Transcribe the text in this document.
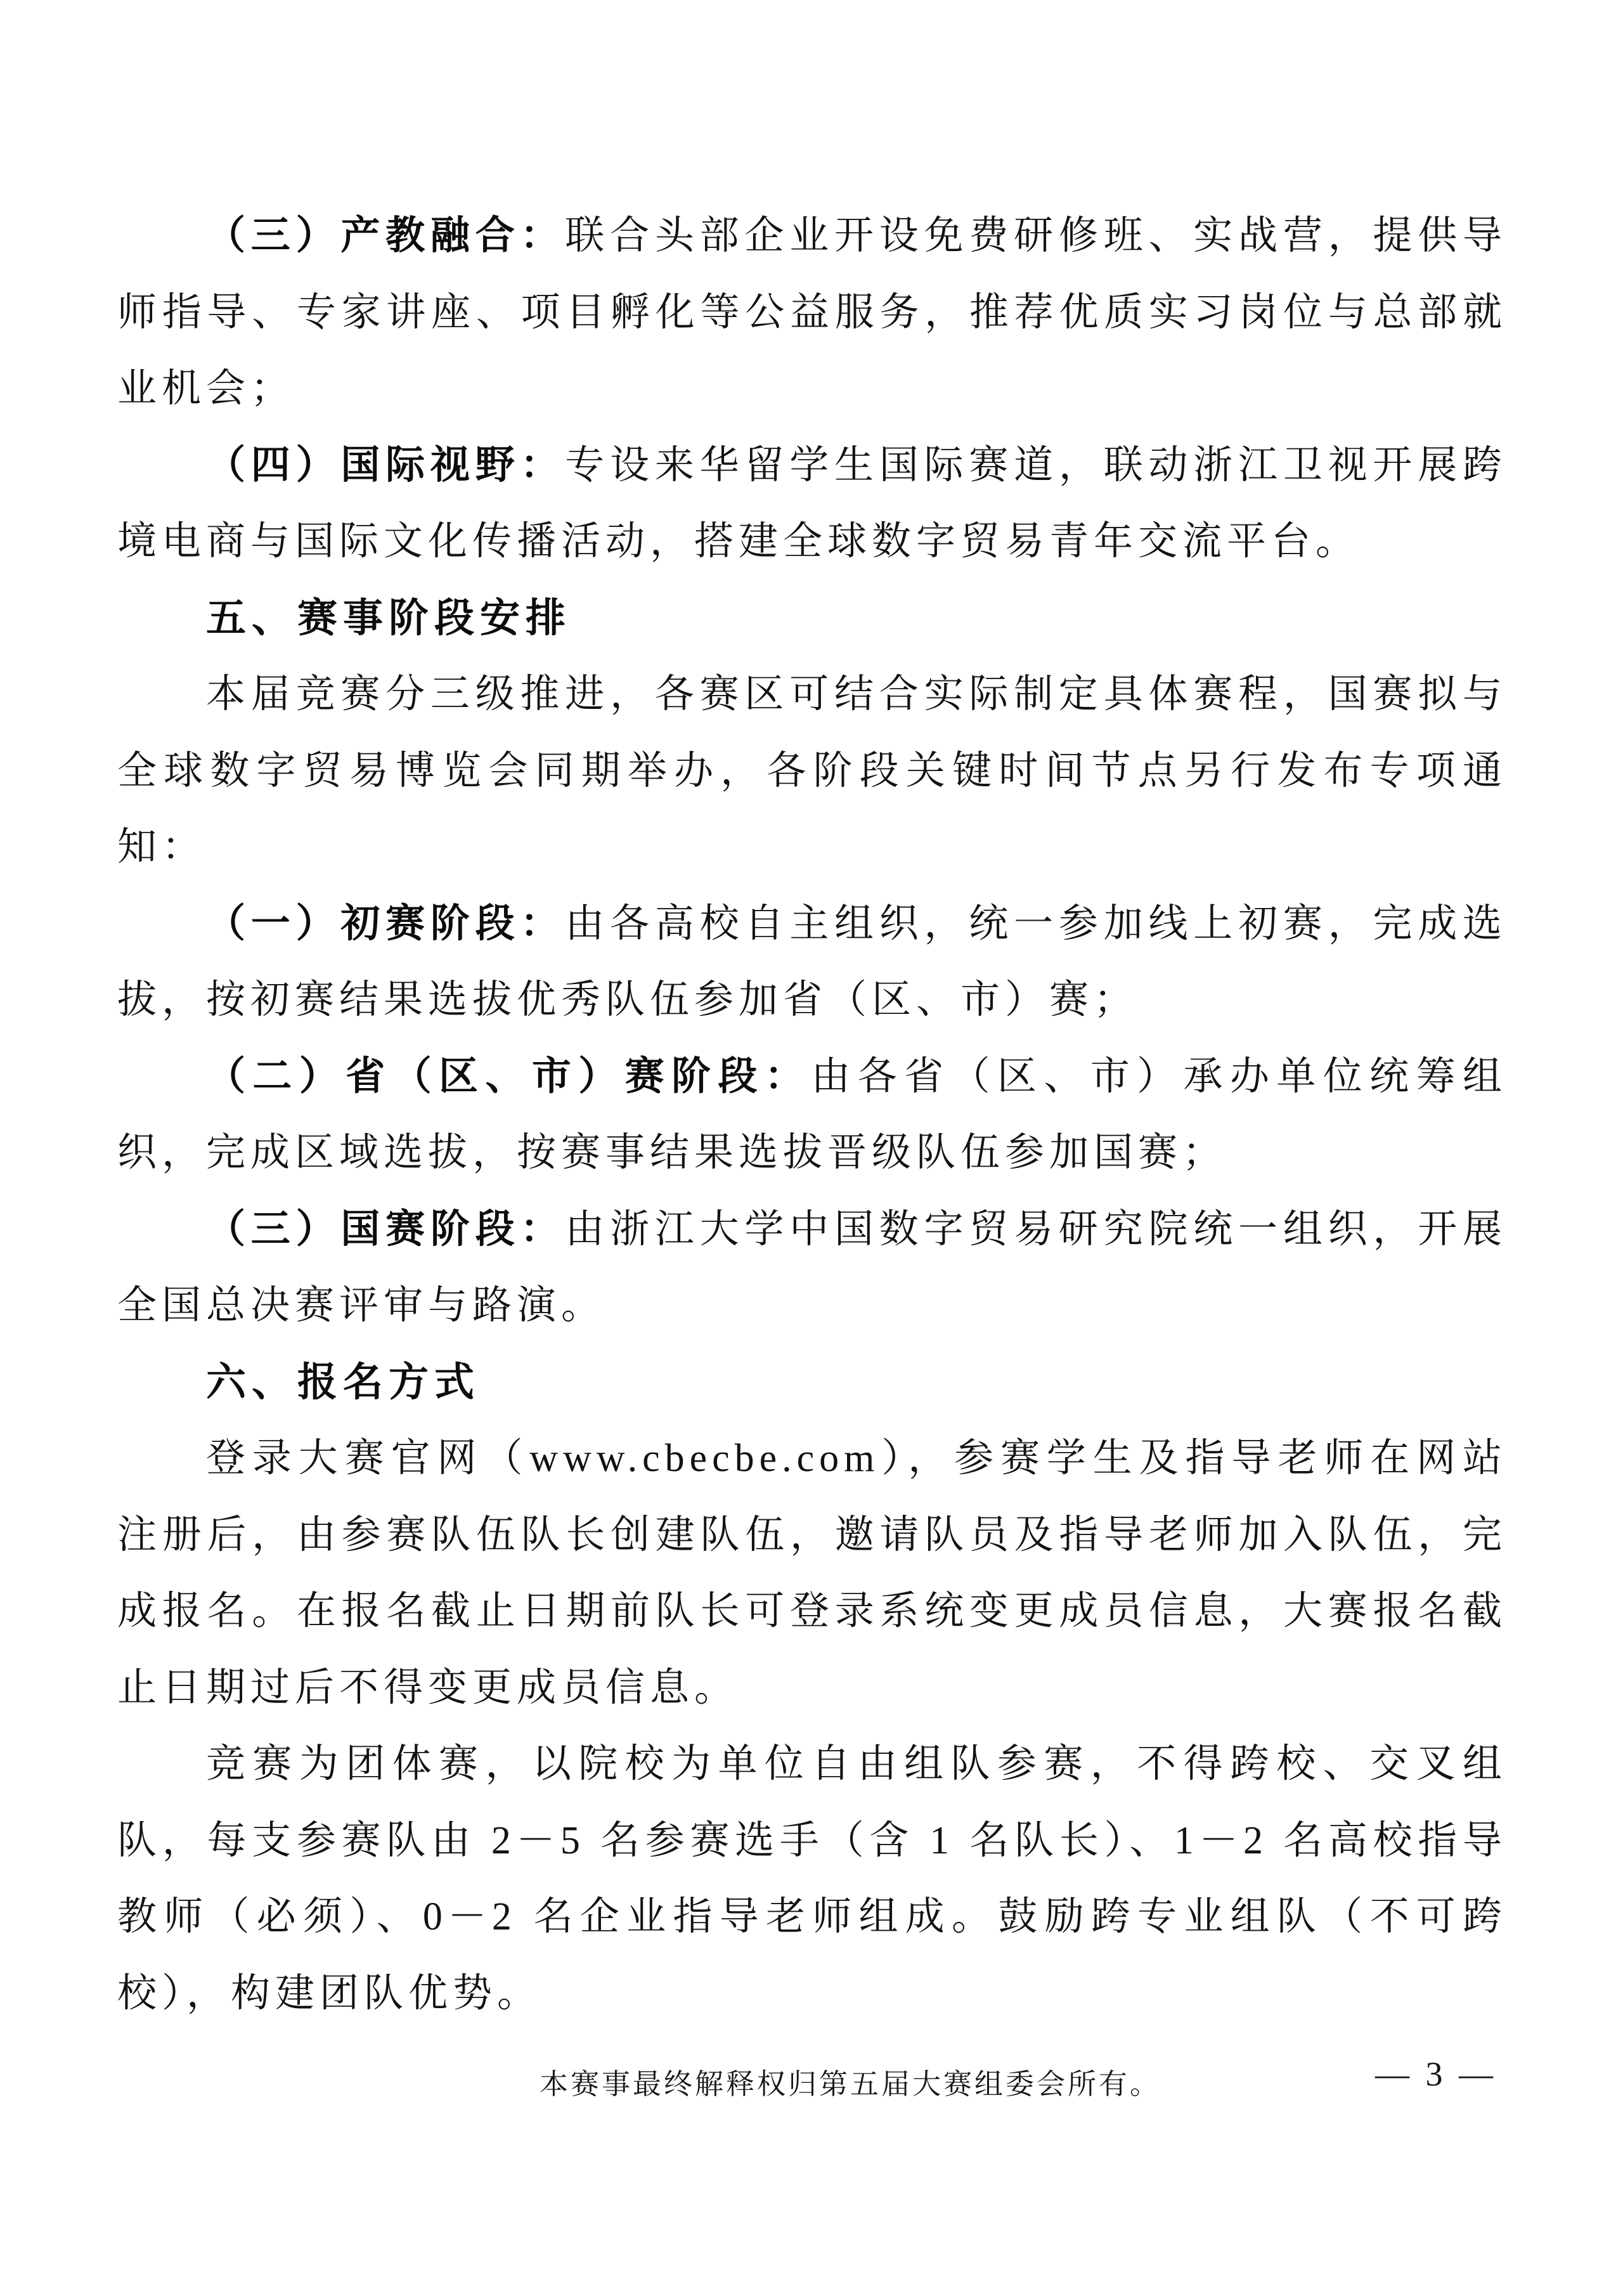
（三）产教融合：联合头部企业开设免费研修班、实战营，提供导师指导、专家讲座、项目孵化等公益服务，推荐优质实习岗位与总部就业机会；

（四）国际视野：专设来华留学生国际赛道，联动浙江卫视开展跨境电商与国际文化传播活动，搭建全球数字贸易青年交流平台。

五、赛事阶段安排

本届竞赛分三级推进，各赛区可结合实际制定具体赛程，国赛拟与全球数字贸易博览会同期举办，各阶段关键时间节点另行发布专项通知：

（一）初赛阶段：由各高校自主组织，统一参加线上初赛，完成选拔，按初赛结果选拔优秀队伍参加省（区、市）赛；

（二）省（区、市）赛阶段：由各省（区、市）承办单位统筹组织，完成区域选拔，按赛事结果选拔晋级队伍参加国赛；

（三）国赛阶段：由浙江大学中国数字贸易研究院统一组织，开展全国总决赛评审与路演。

六、报名方式

登录大赛官网（www.cbecbe.com），参赛学生及指导老师在网站注册后，由参赛队伍队长创建队伍，邀请队员及指导老师加入队伍，完成报名。在报名截止日期前队长可登录系统变更成员信息，大赛报名截止日期过后不得变更成员信息。

竞赛为团体赛，以院校为单位自由组队参赛，不得跨校、交叉组队，每支参赛队由 2－5 名参赛选手（含 1 名队长）、1－2 名高校指导教师（必须）、0－2 名企业指导老师组成。鼓励跨专业组队（不可跨校），构建团队优势。

本赛事最终解释权归第五届大赛组委会所有。	— 3 —
